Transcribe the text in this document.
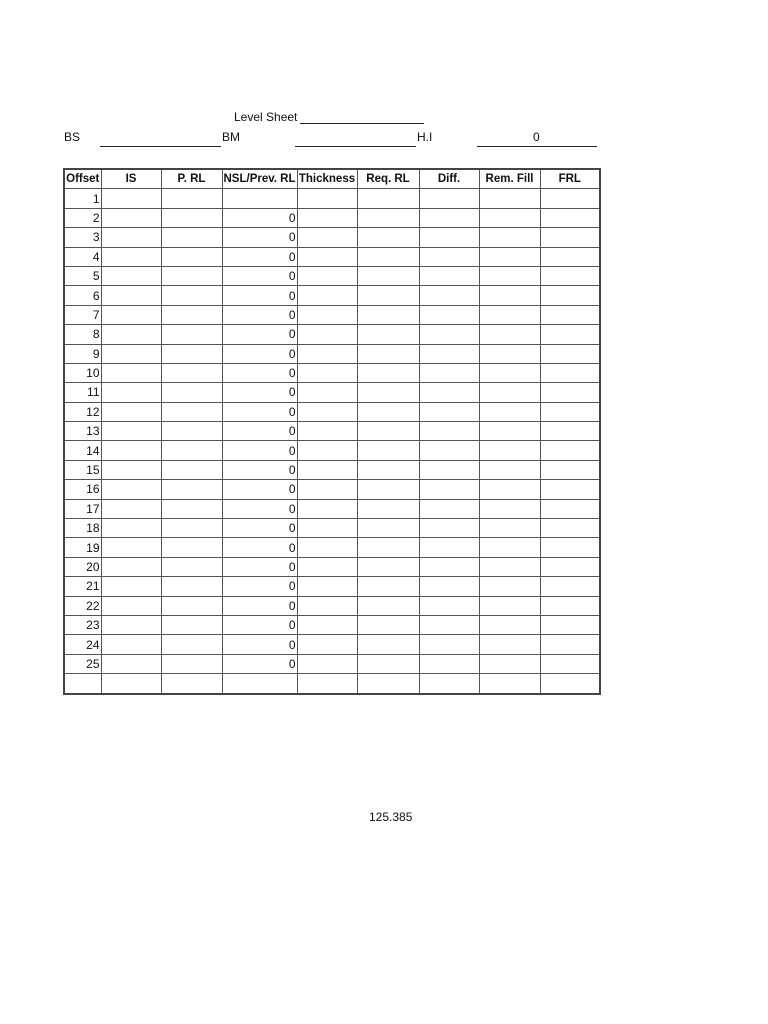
Level Sheet
BS	BM	H.I	0
Offset	IS	P. RL	NSL/Prev. RL	Thickness	Req. RL	Diff.	Rem. Fill	FRL
1								
2			0					
3			0					
4			0					
5			0					
6			0					
7			0					
8			0					
9			0					
10			0					
11			0					
12			0					
13			0					
14			0					
15			0					
16			0					
17			0					
18			0					
19			0					
20			0					
21			0					
22			0					
23			0					
24			0					
25			0					

125.385
